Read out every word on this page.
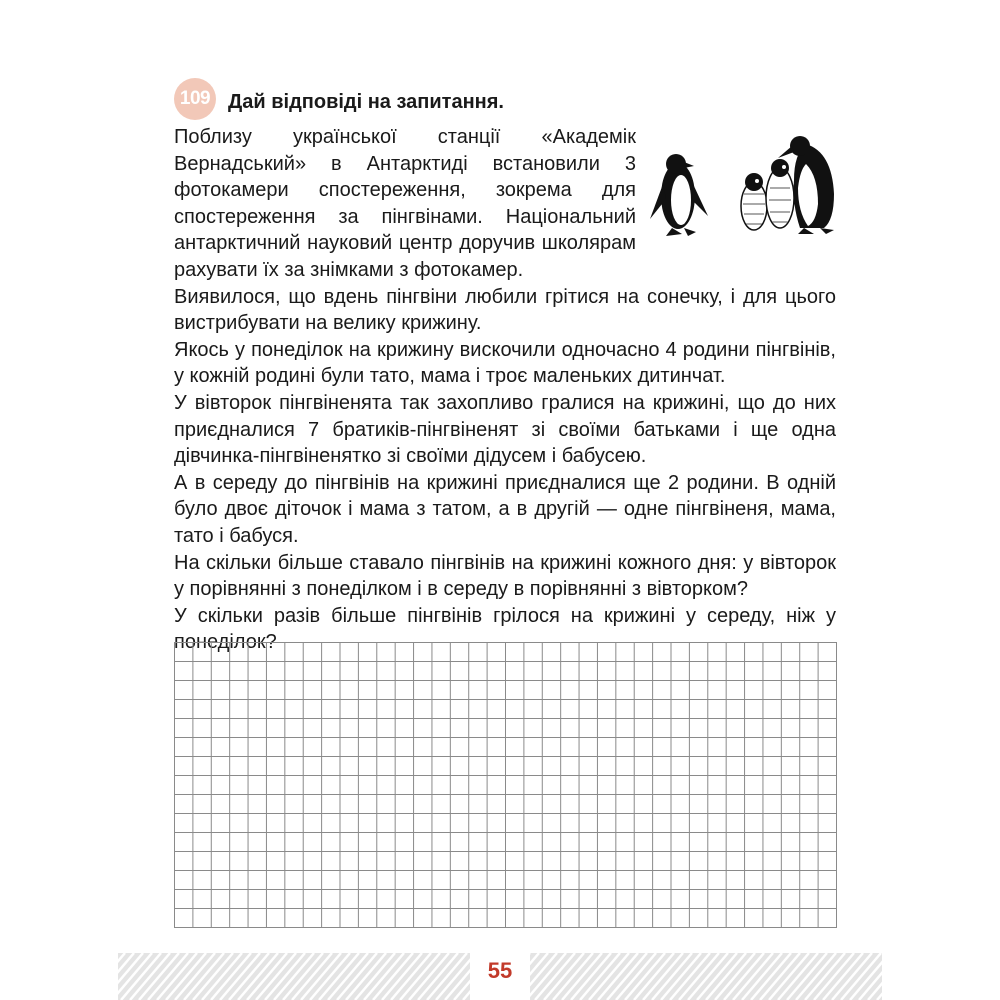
109 Дай відповіді на запитання.

Поблизу української станції «Академік Вернадський» в Антарктиді встановили 3 фотокамери спостереження, зокрема для спостереження за пінгвінами. Національний антарктичний науковий центр доручив школярам рахувати їх за знімками з фотокамер.

Виявилося, що вдень пінгвіни любили грітися на сонечку, і для цього вистрибувати на велику крижину.

Якось у понеділок на крижину вискочили одночасно 4 родини пінгвінів, у кожній родині були тато, мама і троє маленьких дитинчат.

У вівторок пінгвіненята так захопливо гралися на крижині, що до них приєдналися 7 братиків-пінгвіненят зі своїми батьками і ще одна дівчинка-пінгвіненятко зі своїми дідусем і бабусею.

А в середу до пінгвінів на крижині приєдналися ще 2 родини. В одній було двоє діточок і мама з татом, а в другій — одне пінгвіненя, мама, тато і бабуся.

На скільки більше ставало пінгвінів на крижині кожного дня: у вівторок у порівнянні з понеділком і в середу в порівнянні з вівторком?

У скільки разів більше пінгвінів грілося на крижині у середу, ніж у понеділок?

55
